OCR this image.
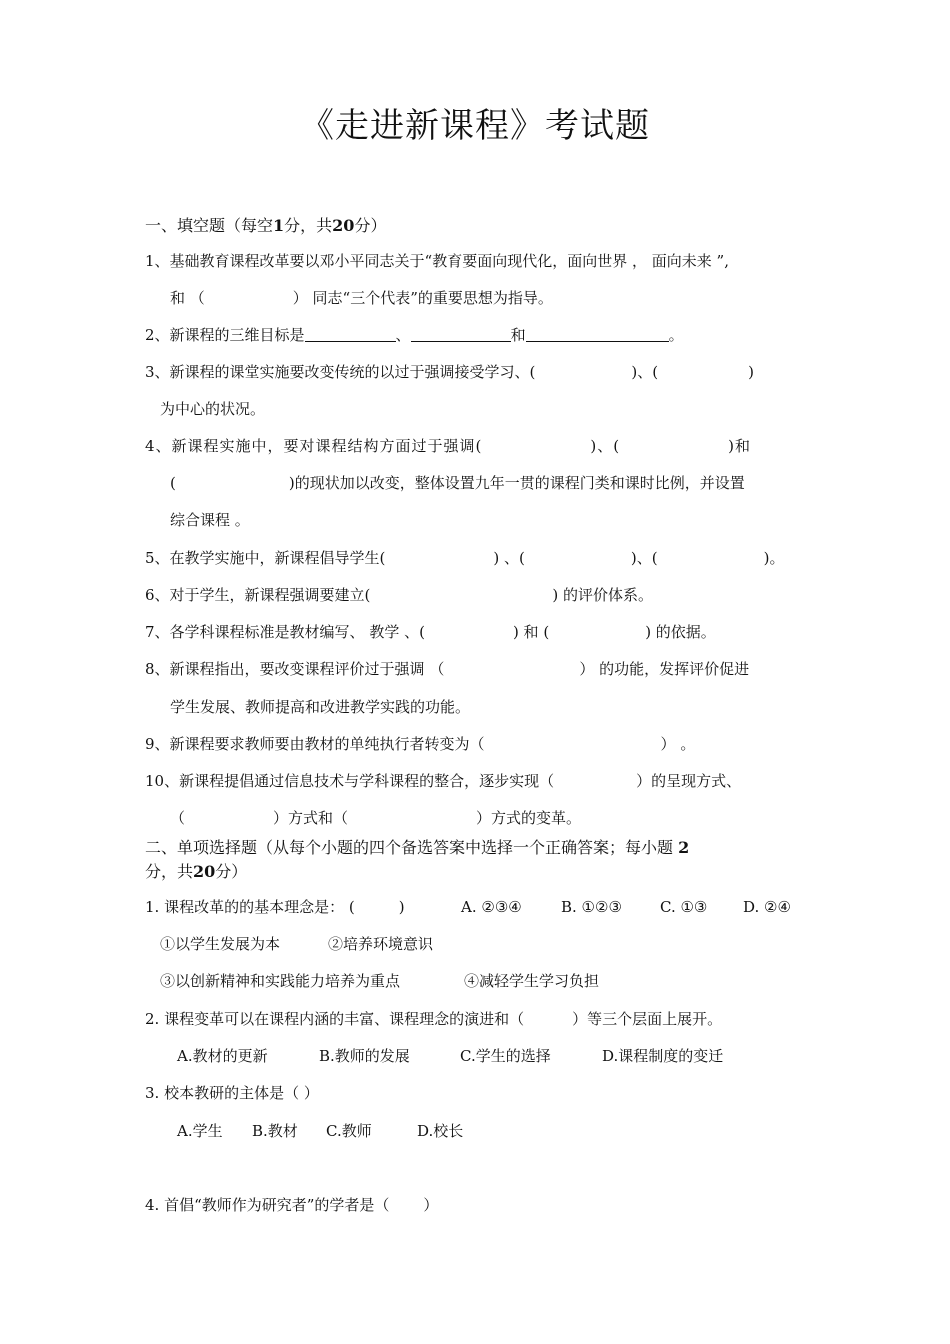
《走进新课程》考试题
一、填空题（每空1分，共20分）
1、基础教育课程改革要以邓小平同志关于“教育要面向现代化，面向世界 ， 面向未来 ”,
和 （	） 同志“三个代表”的重要思想为指导。
2、新课程的三维目标是	、	和	。
3、新课程的课堂实施要改变传统的以过于强调接受学习、(	)、(	)
为中心的状况。
4、新课程实施中，要对课程结构方面过于强调(	)、(	)和
(	)的现状加以改变，整体设置九年一贯的课程门类和课时比例，并设置
综合课程 。
5、在教学实施中，新课程倡导学生(	) 、(	)、(	)。
6、对于学生，新课程强调要建立(	) 的评价体系。
7、各学科课程标准是教材编写、 教学 、(	) 和 (	) 的依据。
8、新课程指出，要改变课程评价过于强调 （	） 的功能，发挥评价促进
学生发展、教师提高和改进教学实践的功能。
9、新课程要求教师要由教材的单纯执行者转变为（	） 。
10、新课程提倡通过信息技术与学科课程的整合，逐步实现（	）的呈现方式、
（	）方式和（	）方式的变革。
二、单项选择题（从每个小题的四个备选答案中选择一个正确答案；每小题 2
分，共20分）
1. 课程改革的的基本理念是： (	)	A. ②③④	B. ①②③	C. ①③ D. ②④
①以学生发展为本	②培养环境意识
③以创新精神和实践能力培养为重点	④减轻学生学习负担
2. 课程变革可以在课程内涵的丰富、课程理念的演进和（	）等三个层面上展开。
A.教材的更新	B.教师的发展	C.学生的选择	D.课程制度的变迁
3. 校本教研的主体是（ ）
A.学生 B.教材 C.教师	D.校长
4. 首倡“教师作为研究者”的学者是（ ）
